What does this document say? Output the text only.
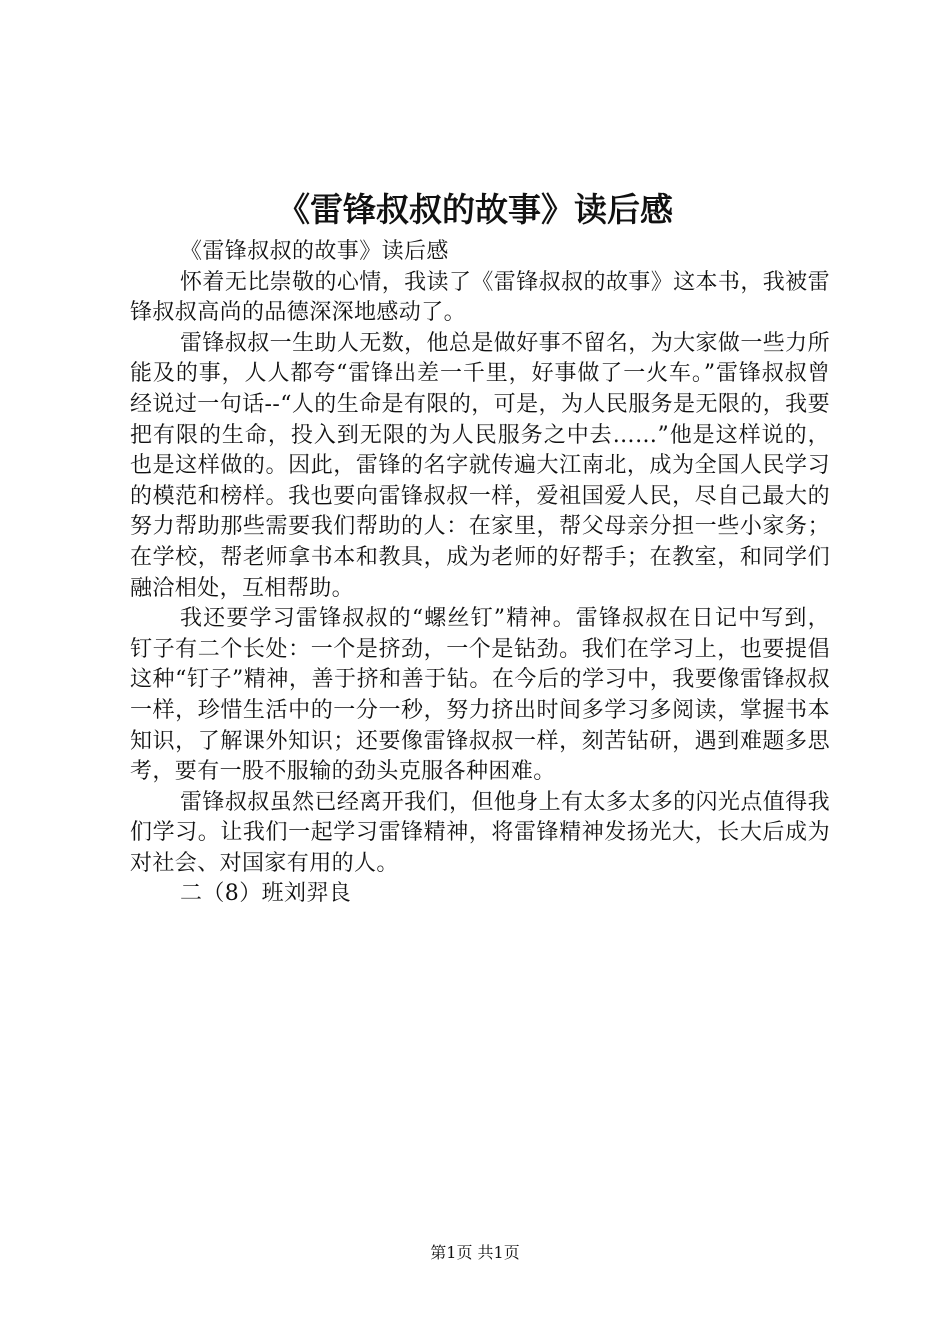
《雷锋叔叔的故事》读后感

《雷锋叔叔的故事》读后感

怀着无比崇敬的心情，我读了《雷锋叔叔的故事》这本书，我被雷锋叔叔高尚的品德深深地感动了。

雷锋叔叔一生助人无数，他总是做好事不留名，为大家做一些力所能及的事，人人都夸“雷锋出差一千里，好事做了一火车。”雷锋叔叔曾经说过一句话--“人的生命是有限的，可是，为人民服务是无限的，我要把有限的生命，投入到无限的为人民服务之中去……”他是这样说的，也是这样做的。因此，雷锋的名字就传遍大江南北，成为全国人民学习的模范和榜样。我也要向雷锋叔叔一样，爱祖国爱人民，尽自己最大的努力帮助那些需要我们帮助的人：在家里，帮父母亲分担一些小家务；在学校，帮老师拿书本和教具，成为老师的好帮手；在教室，和同学们融洽相处，互相帮助。

我还要学习雷锋叔叔的“螺丝钉”精神。雷锋叔叔在日记中写到，钉子有二个长处：一个是挤劲，一个是钻劲。我们在学习上，也要提倡这种“钉子”精神，善于挤和善于钻。在今后的学习中，我要像雷锋叔叔一样，珍惜生活中的一分一秒，努力挤出时间多学习多阅读，掌握书本知识，了解课外知识；还要像雷锋叔叔一样，刻苦钻研，遇到难题多思考，要有一股不服输的劲头克服各种困难。

雷锋叔叔虽然已经离开我们，但他身上有太多太多的闪光点值得我们学习。让我们一起学习雷锋精神，将雷锋精神发扬光大，长大后成为对社会、对国家有用的人。

二（8）班刘羿良

第1页 共1页
